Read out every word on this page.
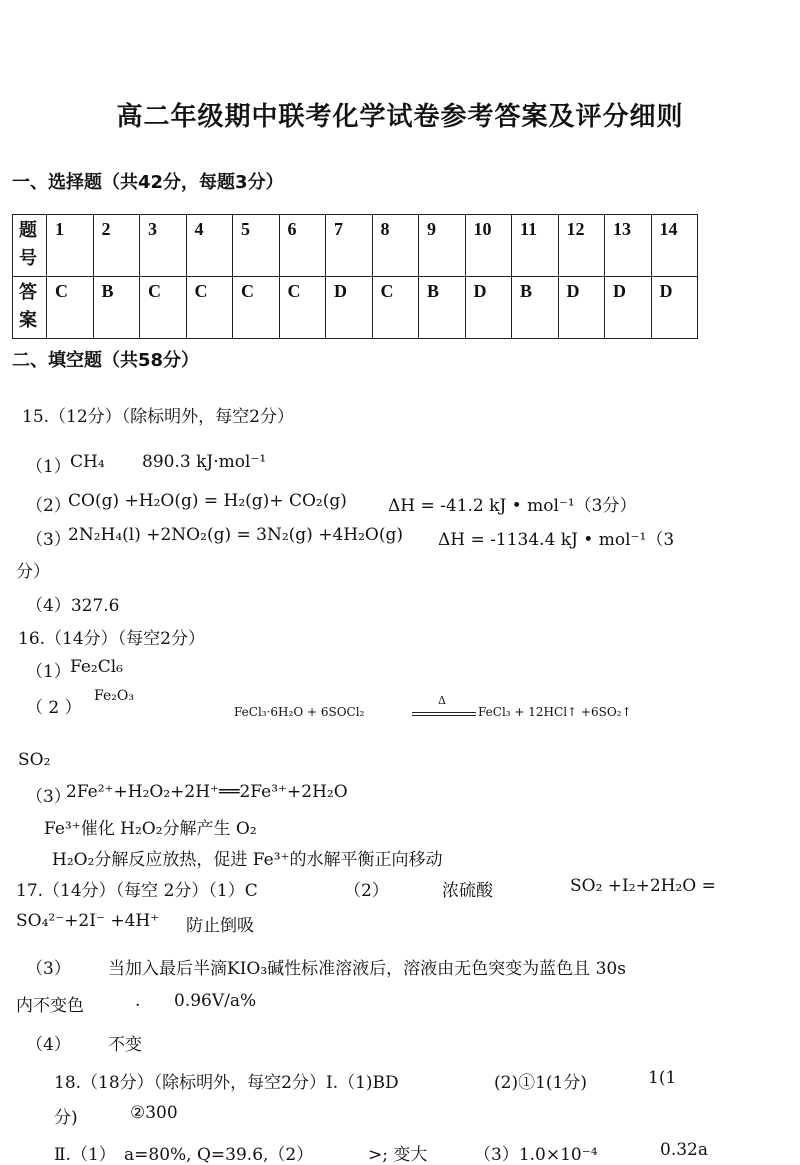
高二年级期中联考化学试卷参考答案及评分细则
一、选择题（共42分，每题3分）
题号	1	2	3	4	5	6	7	8	9	10	11	12	13	14
答案	C	B	C	C	C	C	D	C	B	D	B	D	D	D
二、填空题（共58分）
15.（12分）（除标明外，每空2分）
（1） CH₄ 890.3 kJ·mol⁻¹
（2）
CO(g) +H₂O(g) = H₂(g)+ CO₂(g) ΔH = -41.2 kJ • mol⁻¹（3分）
（3）
2N₂H₄(l) +2NO₂(g) = 3N₂(g) +4H₂O(g) ΔH = -1134.4 kJ • mol⁻¹（3
分）
（4）327.6
16.（14分）（每空2分）
（1） Fe₂Cl₆
（ 2 ）
Fe₂O₃
FeCl₃·6H₂O + 6SOCl₂
Δ
FeCl₃ + 12HCl↑ +6SO₂↑
SO₂
（3）
2Fe²⁺+H₂O₂+2H⁺══2Fe³⁺+2H₂O
Fe³⁺催化 H₂O₂分解产生 O₂
H₂O₂分解反应放热，促进 Fe³⁺的水解平衡正向移动
17.（14分）（每空 2分）（1）C	（2）	浓硫酸	SO₂ +I₂+2H₂O =
SO₄²⁻+2I⁻ +4H⁺ 防止倒吸
（3） 当加入最后半滴KIO₃碱性标准溶液后，溶液由无色突变为蓝色且 30s
内不变色	. 0.96V/a%
（4） 不变
18.（18分）（除标明外，每空2分）Ⅰ.（1)BD	(2)①1(1分)	1(1
分)	②300
Ⅱ.（1） a=80%, Q=39.6,（2）	>; 变大	（3）1.0×10⁻⁴	0.32a
